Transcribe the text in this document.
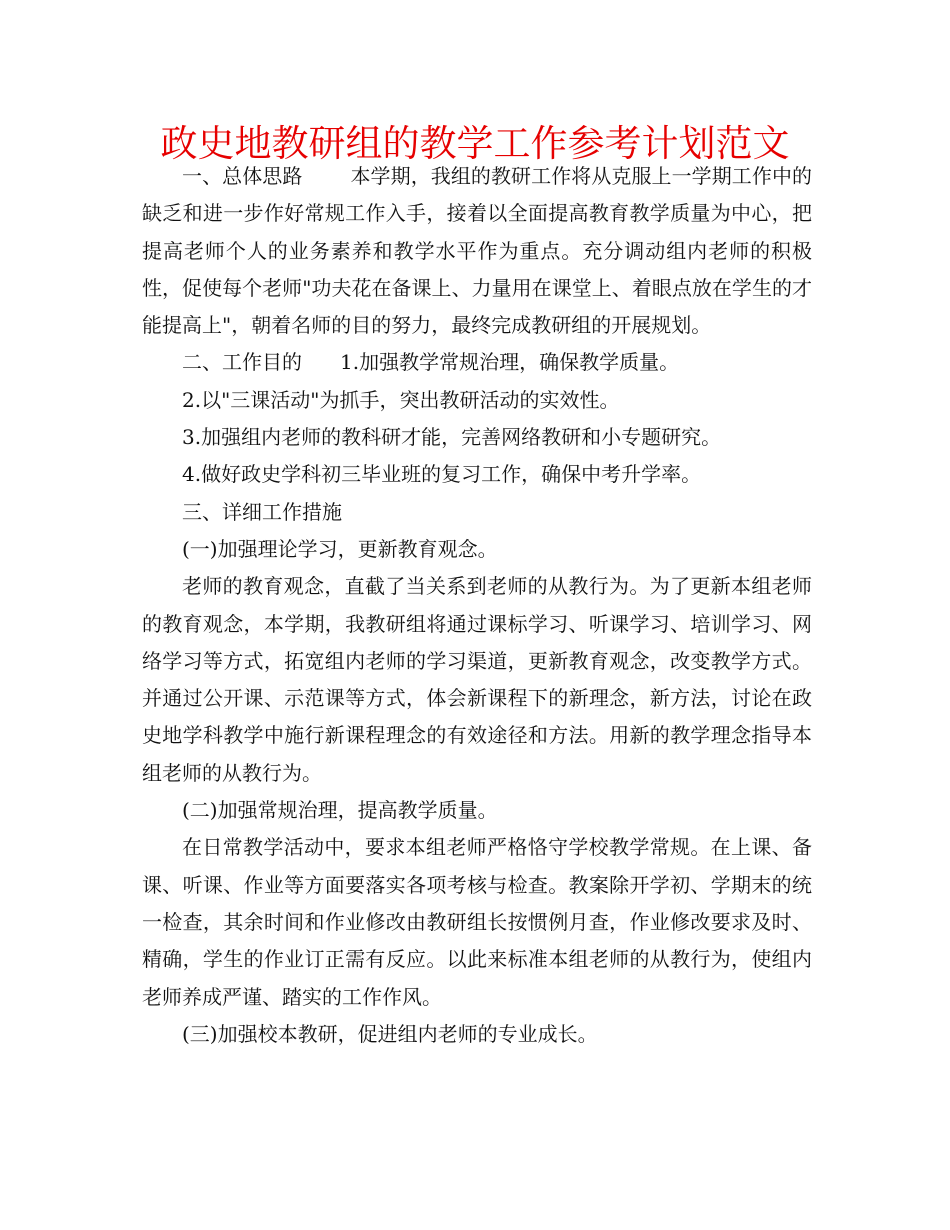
政史地教研组的教学工作参考计划范文

一、总体思路 本学期，我组的教研工作将从克服上一学期工作中的缺乏和进一步作好常规工作入手，接着以全面提高教育教学质量为中心，把提高老师个人的业务素养和教学水平作为重点。充分调动组内老师的积极性，促使每个老师"功夫花在备课上、力量用在课堂上、着眼点放在学生的才能提高上"，朝着名师的目的努力，最终完成教研组的开展规划。

二、工作目的 1.加强教学常规治理，确保教学质量。

2.以"三课活动"为抓手，突出教研活动的实效性。

3.加强组内老师的教科研才能，完善网络教研和小专题研究。

4.做好政史学科初三毕业班的复习工作，确保中考升学率。

三、详细工作措施

(一)加强理论学习，更新教育观念。

老师的教育观念，直截了当关系到老师的从教行为。为了更新本组老师的教育观念，本学期，我教研组将通过课标学习、听课学习、培训学习、网络学习等方式，拓宽组内老师的学习渠道，更新教育观念，改变教学方式。并通过公开课、示范课等方式，体会新课程下的新理念，新方法，讨论在政史地学科教学中施行新课程理念的有效途径和方法。用新的教学理念指导本组老师的从教行为。

(二)加强常规治理，提高教学质量。

在日常教学活动中，要求本组老师严格恪守学校教学常规。在上课、备课、听课、作业等方面要落实各项考核与检查。教案除开学初、学期末的统一检查，其余时间和作业修改由教研组长按惯例月查，作业修改要求及时、精确，学生的作业订正需有反应。以此来标准本组老师的从教行为，使组内老师养成严谨、踏实的工作作风。

(三)加强校本教研，促进组内老师的专业成长。
